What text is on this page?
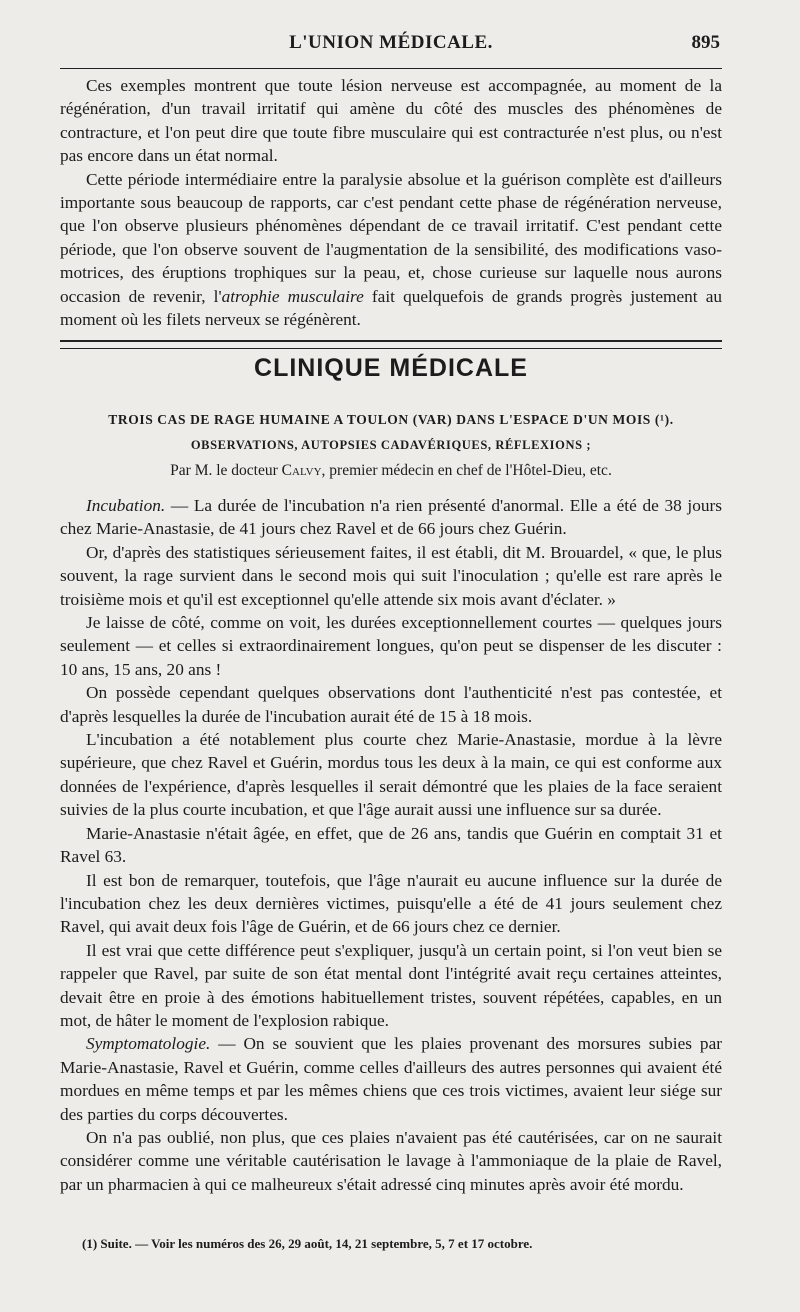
L'UNION MÉDICALE.	895

Ces exemples montrent que toute lésion nerveuse est accompagnée, au moment de la régénération, d'un travail irritatif qui amène du côté des muscles des phénomènes de contracture, et l'on peut dire que toute fibre musculaire qui est contracturée n'est plus, ou n'est pas encore dans un état normal.

Cette période intermédiaire entre la paralysie absolue et la guérison complète est d'ailleurs importante sous beaucoup de rapports, car c'est pendant cette phase de régénération nerveuse, que l'on observe plusieurs phénomènes dépendant de ce travail irritatif. C'est pendant cette période, que l'on observe souvent de l'augmentation de la sensibilité, des modifications vaso-motrices, des éruptions trophiques sur la peau, et, chose curieuse sur laquelle nous aurons occasion de revenir, l'atrophie musculaire fait quelquefois de grands progrès justement au moment où les filets nerveux se régénèrent.

CLINIQUE MÉDICALE
TROIS CAS DE RAGE HUMAINE A TOULON (VAR) DANS L'ESPACE D'UN MOIS (¹).
OBSERVATIONS, AUTOPSIES CADAVÉRIQUES, RÉFLEXIONS ;
Par M. le docteur Calvy, premier médecin en chef de l'Hôtel-Dieu, etc.

Incubation. — La durée de l'incubation n'a rien présenté d'anormal. Elle a été de 38 jours chez Marie-Anastasie, de 41 jours chez Ravel et de 66 jours chez Guérin.

Or, d'après des statistiques sérieusement faites, il est établi, dit M. Brouardel, « que, le plus souvent, la rage survient dans le second mois qui suit l'inoculation ; qu'elle est rare après le troisième mois et qu'il est exceptionnel qu'elle attende six mois avant d'éclater. »

Je laisse de côté, comme on voit, les durées exceptionnellement courtes — quelques jours seulement — et celles si extraordinairement longues, qu'on peut se dispenser de les discuter : 10 ans, 15 ans, 20 ans !

On possède cependant quelques observations dont l'authenticité n'est pas contestée, et d'après lesquelles la durée de l'incubation aurait été de 15 à 18 mois.

L'incubation a été notablement plus courte chez Marie-Anastasie, mordue à la lèvre supérieure, que chez Ravel et Guérin, mordus tous les deux à la main, ce qui est conforme aux données de l'expérience, d'après lesquelles il serait démontré que les plaies de la face seraient suivies de la plus courte incubation, et que l'âge aurait aussi une influence sur sa durée.

Marie-Anastasie n'était âgée, en effet, que de 26 ans, tandis que Guérin en comptait 31 et Ravel 63.

Il est bon de remarquer, toutefois, que l'âge n'aurait eu aucune influence sur la durée de l'incubation chez les deux dernières victimes, puisqu'elle a été de 41 jours seulement chez Ravel, qui avait deux fois l'âge de Guérin, et de 66 jours chez ce dernier.

Il est vrai que cette différence peut s'expliquer, jusqu'à un certain point, si l'on veut bien se rappeler que Ravel, par suite de son état mental dont l'intégrité avait reçu certaines atteintes, devait être en proie à des émotions habituellement tristes, souvent répétées, capables, en un mot, de hâter le moment de l'explosion rabique.

Symptomatologie. — On se souvient que les plaies provenant des morsures subies par Marie-Anastasie, Ravel et Guérin, comme celles d'ailleurs des autres personnes qui avaient été mordues en même temps et par les mêmes chiens que ces trois victimes, avaient leur siége sur des parties du corps découvertes.

On n'a pas oublié, non plus, que ces plaies n'avaient pas été cautérisées, car on ne saurait considérer comme une véritable cautérisation le lavage à l'ammoniaque de la plaie de Ravel, par un pharmacien à qui ce malheureux s'était adressé cinq minutes après avoir été mordu.

(1) Suite. — Voir les numéros des 26, 29 août, 14, 21 septembre, 5, 7 et 17 octobre.
